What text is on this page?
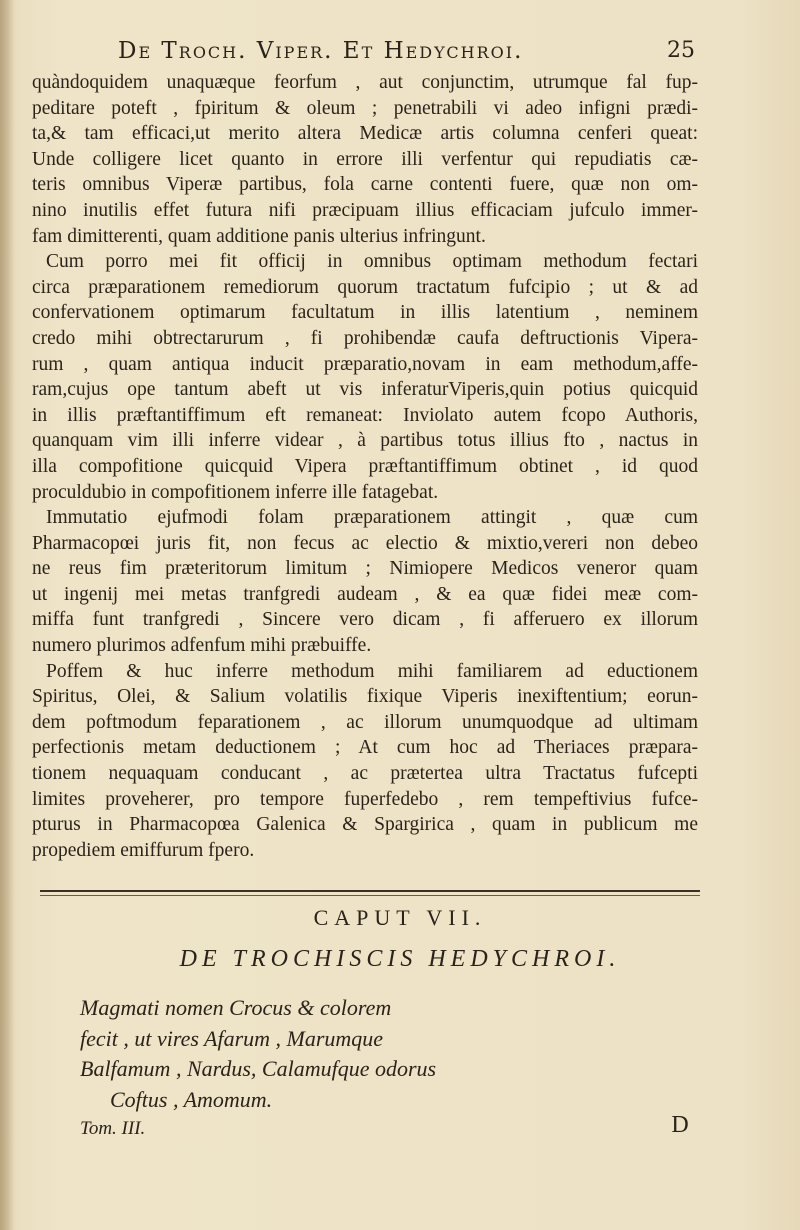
De Troch. Viper. Et Hedychroi.	25
quàndoquidem unaquæque feorfum , aut conjunctim, utrumque fal fup-
peditare poteft , fpiritum & oleum ; penetrabili vi adeo infigni prædi-
ta,& tam efficaci,ut merito altera Medicæ artis columna cenferi queat:
Unde colligere licet quanto in errore illi verfentur qui repudiatis cæ-
teris omnibus Viperæ partibus, fola carne contenti fuere, quæ non om-
nino inutilis effet futura nifi præcipuam illius efficaciam jufculo immer-
fam dimitterenti, quam additione panis ulterius infringunt.
Cum porro mei fit officij in omnibus optimam methodum fectari
circa præparationem remediorum quorum tractatum fufcipio ; ut & ad
confervationem optimarum facultatum in illis latentium , neminem
credo mihi obtrectarurum , fi prohibendæ caufa deftructionis Vipera-
rum , quam antiqua inducit præparatio,novam in eam methodum,affe-
ram,cujus ope tantum abeft ut vis inferaturViperis,quin potius quicquid
in illis præftantiffimum eft remaneat: Inviolato autem fcopo Authoris,
quanquam vim illi inferre videar , à partibus totus illius fto , nactus in
illa compofitione quicquid Vipera præftantiffimum obtinet , id quod
proculdubio in compofitionem inferre ille fatagebat.
Immutatio ejufmodi folam præparationem attingit , quæ cum
Pharmacopœi juris fit, non fecus ac electio & mixtio,vereri non debeo
ne reus fim præteritorum limitum ; Nimiopere Medicos veneror quam
ut ingenij mei metas tranfgredi audeam , & ea quæ fidei meæ com-
miffa funt tranfgredi , Sincere vero dicam , fi afferuero ex illorum
numero plurimos adfenfum mihi præbuiffe.
Poffem & huc inferre methodum mihi familiarem ad eductionem
Spiritus, Olei, & Salium volatilis fixique Viperis inexiftentium; eorun-
dem poftmodum feparationem , ac illorum unumquodque ad ultimam
perfectionis metam deductionem ; At cum hoc ad Theriaces præpara-
tionem nequaquam conducant , ac prætertea ultra Tractatus fufcepti
limites proveherer, pro tempore fuperfedebo , rem tempeftivius fufce-
pturus in Pharmacopœa Galenica & Spargirica , quam in publicum me
propediem emiffurum fpero.
CAPUT VII.
DE TROCHISCIS HEDYCHROI.
Magmati nomen Crocus & colorem
fecit , ut vires Afarum , Marumque
Balfamum , Nardus, Calamufque odorus
Coftus , Amomum.
Tom. III.	D
